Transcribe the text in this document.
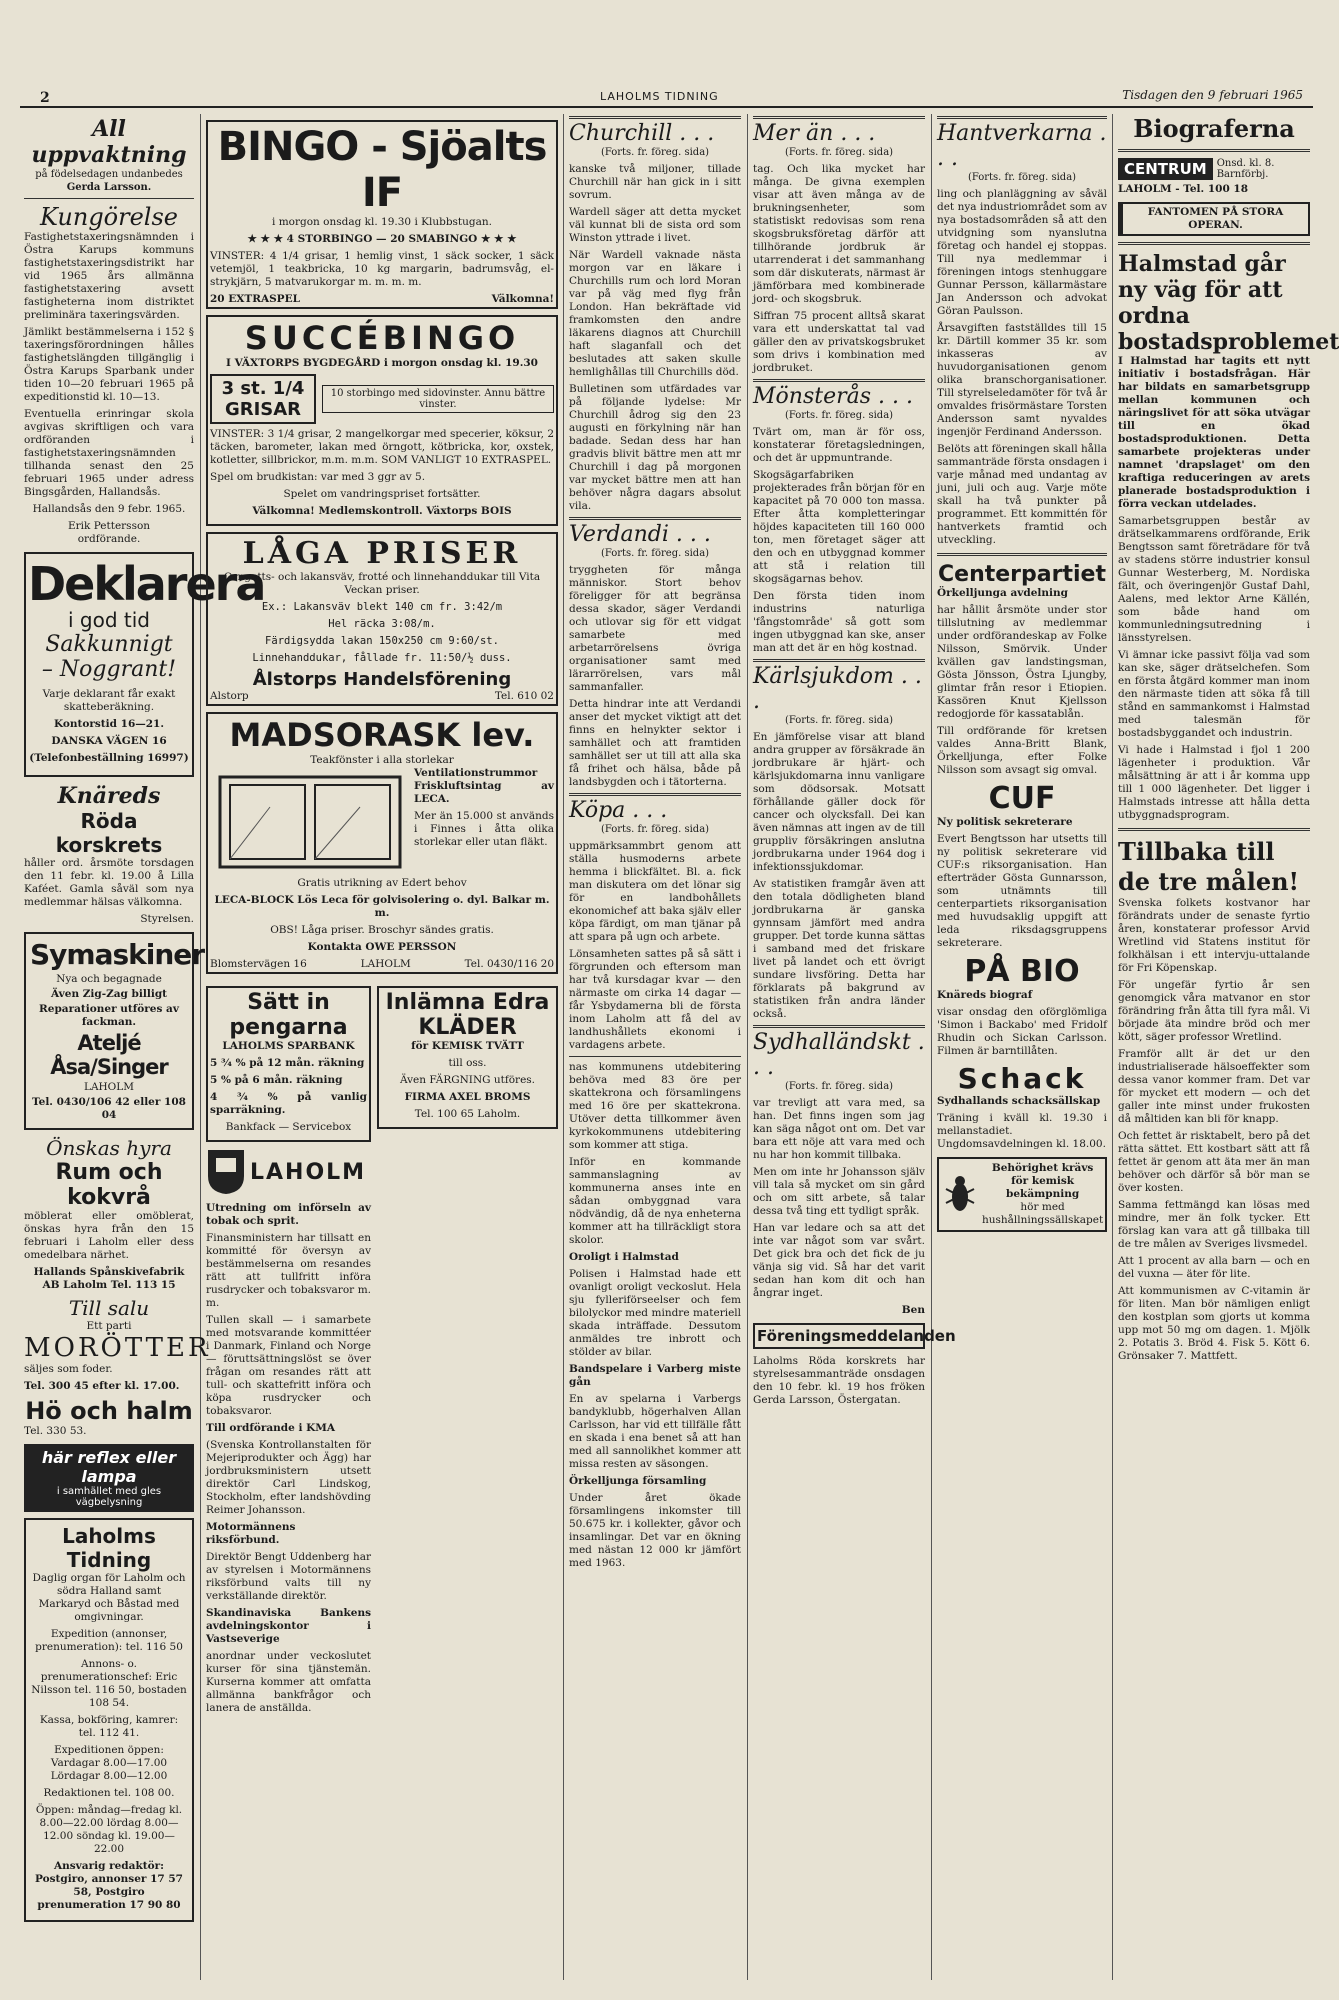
2	LAHOLMS TIDNING	Tisdagen den 9 februari 1965
All uppvaktning

på födelsedagen undanbedes

Gerda Larsson.

Kungörelse

Fastighetstaxeringsnämnden i Östra Karups kommuns fastighetstaxeringsdistrikt har vid 1965 års allmänna fastighetstaxering avsett fastigheterna inom distriktet preliminära taxeringsvärden.

Jämlikt bestämmelserna i 152 § taxeringsförordningen hålles fastighetslängden tillgänglig i Östra Karups Sparbank under tiden 10—20 februari 1965 på expeditionstid kl. 10—13.

Eventuella erinringar skola avgivas skriftligen och vara ordföranden i fastighetstaxeringsnämnden tillhanda senast den 25 februari 1965 under adress Bingsgården, Hallandsås.

Hallandsås den 9 febr. 1965.

Erik Pettersson

ordförande.

Deklarera
i god tid
Sakkunnigt
– Noggrant!

Varje deklarant får exakt skatteberäkning.

Kontorstid 16—21.

DANSKA VÄGEN 16

(Telefonbeställning 16997)

Knäreds
Röda korskrets

håller ord. årsmöte torsdagen den 11 febr. kl. 19.00 å Lilla Kaféet. Gamla såväl som nya medlemmar hälsas välkomna.

Styrelsen.

Symaskiner

Nya och begagnade

Även Zig-Zag billigt

Reparationer utföres av fackman.

Ateljé Åsa/Singer

LAHOLM

Tel. 0430/106 42 eller 108 04

Önskas hyra
Rum och kokvrå

möblerat eller omöblerat, önskas hyra från den 15 februari i Laholm eller dess omedelbara närhet.

Hallands Spånskivefabrik AB Laholm Tel. 113 15

Till salu

Ett parti

MORÖTTER

säljes som foder.

Tel. 300 45 efter kl. 17.00.

Hö och halm

Tel. 330 53.

här reflex eller lampa
i samhället med gles vägbelysning
Laholms Tidning

Daglig organ för Laholm och södra Halland samt Markaryd och Båstad med omgivningar.

Expedition (annonser, prenumeration): tel. 116 50

Annons- o. prenumerationschef: Eric Nilsson tel. 116 50, bostaden 108 54.

Kassa, bokföring, kamrer: tel. 112 41.

Expeditionen öppen: Vardagar 8.00—17.00 Lördagar 8.00—12.00

Redaktionen tel. 108 00.

Öppen: måndag—fredag kl. 8.00—22.00 lördag 8.00—12.00 söndag kl. 19.00—22.00

Ansvarig redaktör: Postgiro, annonser 17 57 58, Postgiro prenumeration 17 90 80

BINGO - Sjöalts IF

i morgon onsdag kl. 19.30 i Klubbstugan.

★ ★ ★ 4 STORBINGO — 20 SMABINGO ★ ★ ★

VINSTER: 4 1/4 grisar, 1 hemlig vinst, 1 säck socker, 1 säck vetemjöl, 1 teakbricka, 10 kg margarin, badrumsvåg, el-strykjärn, 5 matvarukorgar m. m. m. m.

20 EXTRASPEL	Välkomna!
SUCCÉBINGO

I VÄXTORPS BYGDEGÅRD i morgon onsdag kl. 19.30

3 st. 1/4 GRISAR
10 storbingo med sidovinster. Annu bättre vinster.

VINSTER: 3 1/4 grisar, 2 mangelkorgar med specerier, köksur, 2 täcken, barometer, lakan med örngott, kötbricka, kor, oxstek, kotletter, sillbrickor, m.m. m.m. SOM VANLIGT 10 EXTRASPEL.

Spel om brudkistan: var med 3 ggr av 5.

Spelet om vandringspriset fortsätter.

Välkomna! Medlemskontroll. Växtorps BOIS

LÅGA PRISER

Orngotts- och lakansväv, frotté och linnehanddukar till Vita Veckan priser.

Ex.: Lakansväv blekt 140 cm fr. 3:42/m

Hel räcka 3:08/m.

Färdigsydda lakan 150x250 cm 9:60/st.

Linnehanddukar, fållade fr. 11:50/½ duss.

Ålstorps Handelsförening
Alstorp	Tel. 610 02
MADSORASK lev.

Teakfönster i alla storlekar

Ventilationstrummor Friskluftsintag av LECA.

Mer än 15.000 st används i Finnes i åtta olika storlekar eller utan fläkt.

Gratis utrikning av Edert behov

LECA-BLOCK Lös Leca för golvisolering o. dyl. Balkar m. m.

OBS! Låga priser. Broschyr sändes gratis.

Kontakta OWE PERSSON

Blomstervägen 16	LAHOLM	Tel. 0430/116 20
Sätt in pengarna

LAHOLMS SPARBANK

5 ¾ % på 12 mån. räkning

5 % på 6 mån. räkning

4 ¾ % på vanlig sparräkning.

Bankfack — Servicebox

LAHOLM

Utredning om införseln av tobak och sprit.

Finansministern har tillsatt en kommitté för översyn av bestämmelserna om resandes rätt att tullfritt införa rusdrycker och tobaksvaror m. m.

Tullen skall — i samarbete med motsvarande kommittéer i Danmark, Finland och Norge — föruttsättningslöst se över frågan om resandes rätt att tull- och skattefritt införa och köpa rusdrycker och tobaksvaror.

Till ordförande i KMA

(Svenska Kontrollanstalten för Mejeriprodukter och Ägg) har jordbruksministern utsett direktör Carl Lindskog, Stockholm, efter landshövding Reimer Johansson.

Motormännens riksförbund.

Direktör Bengt Uddenberg har av styrelsen i Motormännens riksförbund valts till ny verkställande direktör.

Skandinaviska Bankens avdelningskontor i Vastseverige

anordnar under veckoslutet kurser för sina tjänstemän. Kurserna kommer att omfatta allmänna bankfrågor och lanera de anställda.

Inlämna Edra KLÄDER

för KEMISK TVÄTT

till oss.

Även FÄRGNING utföres.

FIRMA AXEL BROMS

Tel. 100 65 Laholm.

Churchill . . .

(Forts. fr. föreg. sida)

kanske två miljoner, tillade Churchill när han gick in i sitt sovrum.

Wardell säger att detta mycket väl kunnat bli de sista ord som Winston yttrade i livet.

När Wardell vaknade nästa morgon var en läkare i Churchills rum och lord Moran var på väg med flyg från London. Han bekräftade vid framkomsten den andre läkarens diagnos att Churchill haft slaganfall och det beslutades att saken skulle hemlighållas till Churchills död.

Bulletinen som utfärdades var på följande lydelse: Mr Churchill ådrog sig den 23 augusti en förkylning när han badade. Sedan dess har han gradvis blivit bättre men att mr Churchill i dag på morgonen var mycket bättre men att han behöver några dagars absolut vila.

Verdandi . . .

(Forts. fr. föreg. sida)

tryggheten för många människor. Stort behov föreligger för att begränsa dessa skador, säger Verdandi och utlovar sig för ett vidgat samarbete med arbetarrörelsens övriga organisationer samt med lärarrörelsen, vars mål sammanfaller.

Detta hindrar inte att Verdandi anser det mycket viktigt att det finns en helnykter sektor i samhället och att framtiden samhället ser ut till att alla ska få frihet och hälsa, både på landsbygden och i tätorterna.

Köpa . . .

(Forts. fr. föreg. sida)

uppmärksammbrt genom att ställa husmoderns arbete hemma i blickfältet. Bl. a. fick man diskutera om det lönar sig för en landbohållets ekonomichef att baka själv eller köpa färdigt, om man tjänar på att spara på ugn och arbete.

Lönsamheten sattes på så sätt i förgrunden och eftersom man har två kursdagar kvar — den närmaste om cirka 14 dagar — får Ysbydamerna bli de första inom Laholm att få del av landhushållets ekonomi i vardagens arbete.

nas kommunens utdebitering behöva med 83 öre per skattekrona och församlingens med 16 öre per skattekrona. Utöver detta tillkommer även kyrkokommunens utdebitering som kommer att stiga.

Inför en kommande sammanslagning av kommunerna anses inte en sådan ombyggnad vara nödvändig, då de nya enheterna kommer att ha tillräckligt stora skolor.

Oroligt i Halmstad

Polisen i Halmstad hade ett ovanligt oroligt veckoslut. Hela sju fylleriförseelser och fem bilolyckor med mindre materiell skada inträffade. Dessutom anmäldes tre inbrott och stölder av bilar.

Bandspelare i Varberg miste gån

En av spelarna i Varbergs bandyklubb, högerhalven Allan Carlsson, har vid ett tillfälle fått en skada i ena benet så att han med all sannolikhet kommer att missa resten av säsongen.

Örkelljunga församling

Under året ökade församlingens inkomster till 50.675 kr. i kollekter, gåvor och insamlingar. Det var en ökning med nästan 12 000 kr jämfört med 1963.

Mer än . . .

(Forts. fr. föreg. sida)

tag. Och lika mycket har många. De givna exemplen visar att även många av de brukningsenheter, som statistiskt redovisas som rena skogsbruksföretag därför att tillhörande jordbruk är utarrenderat i det sammanhang som där diskuterats, närmast är jämförbara med kombinerade jord- och skogsbruk.

Siffran 75 procent alltså skarat vara ett underskattat tal vad gäller den av privatskogsbruket som drivs i kombination med jordbruket.

Mönsterås . . .

(Forts. fr. föreg. sida)

Tvärt om, man är för oss, konstaterar företagsledningen, och det är uppmuntrande.

Skogsägarfabriken projekterades från början för en kapacitet på 70 000 ton massa. Efter åtta kompletteringar höjdes kapaciteten till 160 000 ton, men företaget säger att den och en utbyggnad kommer att stå i relation till skogsägarnas behov.

Den första tiden inom industrins naturliga 'fångstområde' så gott som ingen utbyggnad kan ske, anser man att det är en hög kostnad.

Kärlsjukdom . . .

(Forts. fr. föreg. sida)

En jämförelse visar att bland andra grupper av försäkrade än jordbrukare är hjärt- och kärlsjukdomarna innu vanligare som dödsorsak. Motsatt förhållande gäller dock för cancer och olycksfall. Dei kan även nämnas att ingen av de till gruppliv försäkringen anslutna jordbrukarna under 1964 dog i infektionssjukdomar.

Av statistiken framgår även att den totala dödligheten bland jordbrukarna är ganska gynnsam jämfört med andra grupper. Det torde kunna sättas i samband med det friskare livet på landet och ett övrigt sundare livsföring. Detta har förklarats på bakgrund av statistiken från andra länder också.

Sydhalländskt . . .

(Forts. fr. föreg. sida)

var trevligt att vara med, sa han. Det finns ingen som jag kan säga något ont om. Det var bara ett nöje att vara med och nu har hon kommit tillbaka.

Men om inte hr Johansson själv vill tala så mycket om sin gård och om sitt arbete, så talar dessa två ting ett tydligt språk.

Han var ledare och sa att det inte var något som var svårt. Det gick bra och det fick de ju vänja sig vid. Så har det varit sedan han kom dit och han ångrar inget.

Ben

Föreningsmeddelanden

Laholms Röda korskrets har styrelsesammanträde onsdagen den 10 febr. kl. 19 hos fröken Gerda Larsson, Östergatan.

Hantverkarna . . .

(Forts. fr. föreg. sida)

ling och planläggning av såväl det nya industriområdet som av nya bostadsområden så att den utvidgning som nyanslutna företag och handel ej stoppas. Till nya medlemmar i föreningen intogs stenhuggare Gunnar Persson, källarmästare Jan Andersson och advokat Göran Paulsson.

Årsavgiften fastställdes till 15 kr. Därtill kommer 35 kr. som inkasseras av huvudorganisationen genom olika branschorganisationer. Till styrelseledamöter för två år omvaldes frisörmästare Torsten Andersson samt nyvaldes ingenjör Ferdinand Andersson.

Belöts att föreningen skall hålla sammanträde första onsdagen i varje månad med undantag av juni, juli och aug. Varje möte skall ha två punkter på programmet. Ett kommittén för hantverkets framtid och utveckling.

Centerpartiet

Örkelljunga avdelning

har hållit årsmöte under stor tillslutning av medlemmar under ordförandeskap av Folke Nilsson, Smörvik. Under kvällen gav landstingsman, Gösta Jönsson, Östra Ljungby, glimtar från resor i Etiopien. Kassören Knut Kjellsson redogjorde för kassatablån.

Till ordförande för kretsen valdes Anna-Britt Blank, Örkelljunga, efter Folke Nilsson som avsagt sig omval.

CUF

Ny politisk sekreterare

Evert Bengtsson har utsetts till ny politisk sekreterare vid CUF:s riksorganisation. Han efterträder Gösta Gunnarsson, som utnämnts till centerpartiets riksorganisation med huvudsaklig uppgift att leda riksdagsgruppens sekreterare.

PÅ BIO

Knäreds biograf

visar onsdag den oförglömliga 'Simon i Backabo' med Fridolf Rhudin och Sickan Carlsson. Filmen är barntillåten.

Schack

Sydhallands schacksällskap

Träning i kväll kl. 19.30 i mellanstadiet. Ungdomsavdelningen kl. 18.00.

Behörighet krävs för kemisk bekämpning

hör med

hushållningssällskapet

Biograferna
CENTRUM	Onsd. kl. 8. Barnförbj.

LAHOLM - Tel. 100 18

FANTOMEN PÅ STORA OPERAN.

Halmstad går ny väg för att ordna bostadsproblemet

I Halmstad har tagits ett nytt initiativ i bostadsfrågan. Här har bildats en samarbetsgrupp mellan kommunen och näringslivet för att söka utvägar till en ökad bostadsproduktionen. Detta samarbete projekteras under namnet 'drapslaget' om den kraftiga reduceringen av arets planerade bostadsproduktion i förra veckan utdelades.

Samarbetsgruppen består av drätselkammarens ordförande, Erik Bengtsson samt företrädare för två av stadens större industrier konsul Gunnar Westerberg, M. Nordiska fält, och överingenjör Gustaf Dahl, Aalens, med lektor Arne Källén, som både hand om kommunledningsutredning i länsstyrelsen.

Vi ämnar icke passivt följa vad som kan ske, säger drätselchefen. Som en första åtgärd kommer man inom den närmaste tiden att söka få till stånd en sammankomst i Halmstad med talesmän för bostadsbyggandet och industrin.

Vi hade i Halmstad i fjol 1 200 lägenheter i produktion. Vår målsättning är att i år komma upp till 1 000 lägenheter. Det ligger i Halmstads intresse att hålla detta utbyggnadsprogram.

Tillbaka till de tre målen!

Svenska folkets kostvanor har förändrats under de senaste fyrtio åren, konstaterar professor Arvid Wretlind vid Statens institut för folkhälsan i ett intervju-uttalande för Fri Köpenskap.

För ungefär fyrtio år sen genomgick våra matvanor en stor förändring från åtta till fyra mål. Vi började äta mindre bröd och mer kött, säger professor Wretlind.

Framför allt är det ur den industrialiserade hälsoeffekter som dessa vanor kommer fram. Det var för mycket ett modern — och det galler inte minst under frukosten då måltiden kan bli för knapp.

Och fettet är risktabelt, bero på det rätta sättet. Ett kostbart sätt att få fettet är genom att äta mer än man behöver och därför så bör man se över kosten.

Samma fettmängd kan lösas med mindre, mer än folk tycker. Ett förslag kan vara att gå tillbaka till de tre målen av Sveriges livsmedel.

Att 1 procent av alla barn — och en del vuxna — äter för lite.

Att kommunismen av C-vitamin är för liten. Man bör nämligen enligt den kostplan som gjorts ut komma upp mot 50 mg om dagen. 1. Mjölk 2. Potatis 3. Bröd 4. Fisk 5. Kött 6. Grönsaker 7. Mattfett.
